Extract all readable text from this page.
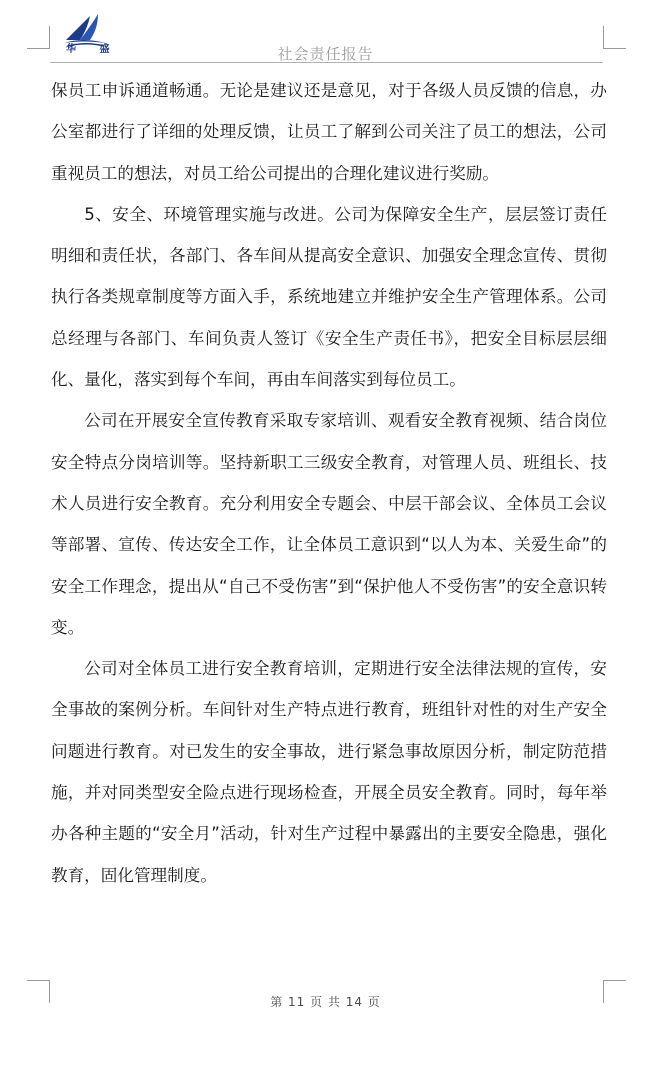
华 盛	社会责任报告

保员工申诉通道畅通。无论是建议还是意见，对于各级人员反馈的信息，办公室都进行了详细的处理反馈，让员工了解到公司关注了员工的想法，公司重视员工的想法，对员工给公司提出的合理化建议进行奖励。

5、安全、环境管理实施与改进。公司为保障安全生产，层层签订责任明细和责任状，各部门、各车间从提高安全意识、加强安全理念宣传、贯彻执行各类规章制度等方面入手，系统地建立并维护安全生产管理体系。公司总经理与各部门、车间负责人签订《安全生产责任书》，把安全目标层层细化、量化，落实到每个车间，再由车间落实到每位员工。

公司在开展安全宣传教育采取专家培训、观看安全教育视频、结合岗位安全特点分岗培训等。坚持新职工三级安全教育，对管理人员、班组长、技术人员进行安全教育。充分利用安全专题会、中层干部会议、全体员工会议等部署、宣传、传达安全工作，让全体员工意识到“以人为本、关爱生命”的安全工作理念，提出从“自己不受伤害”到“保护他人不受伤害”的安全意识转变。

公司对全体员工进行安全教育培训，定期进行安全法律法规的宣传，安全事故的案例分析。车间针对生产特点进行教育，班组针对性的对生产安全问题进行教育。对已发生的安全事故，进行紧急事故原因分析，制定防范措施，并对同类型安全险点进行现场检查，开展全员安全教育。同时，每年举办各种主题的“安全月”活动，针对生产过程中暴露出的主要安全隐患，强化教育，固化管理制度。

第 11 页 共 14 页
